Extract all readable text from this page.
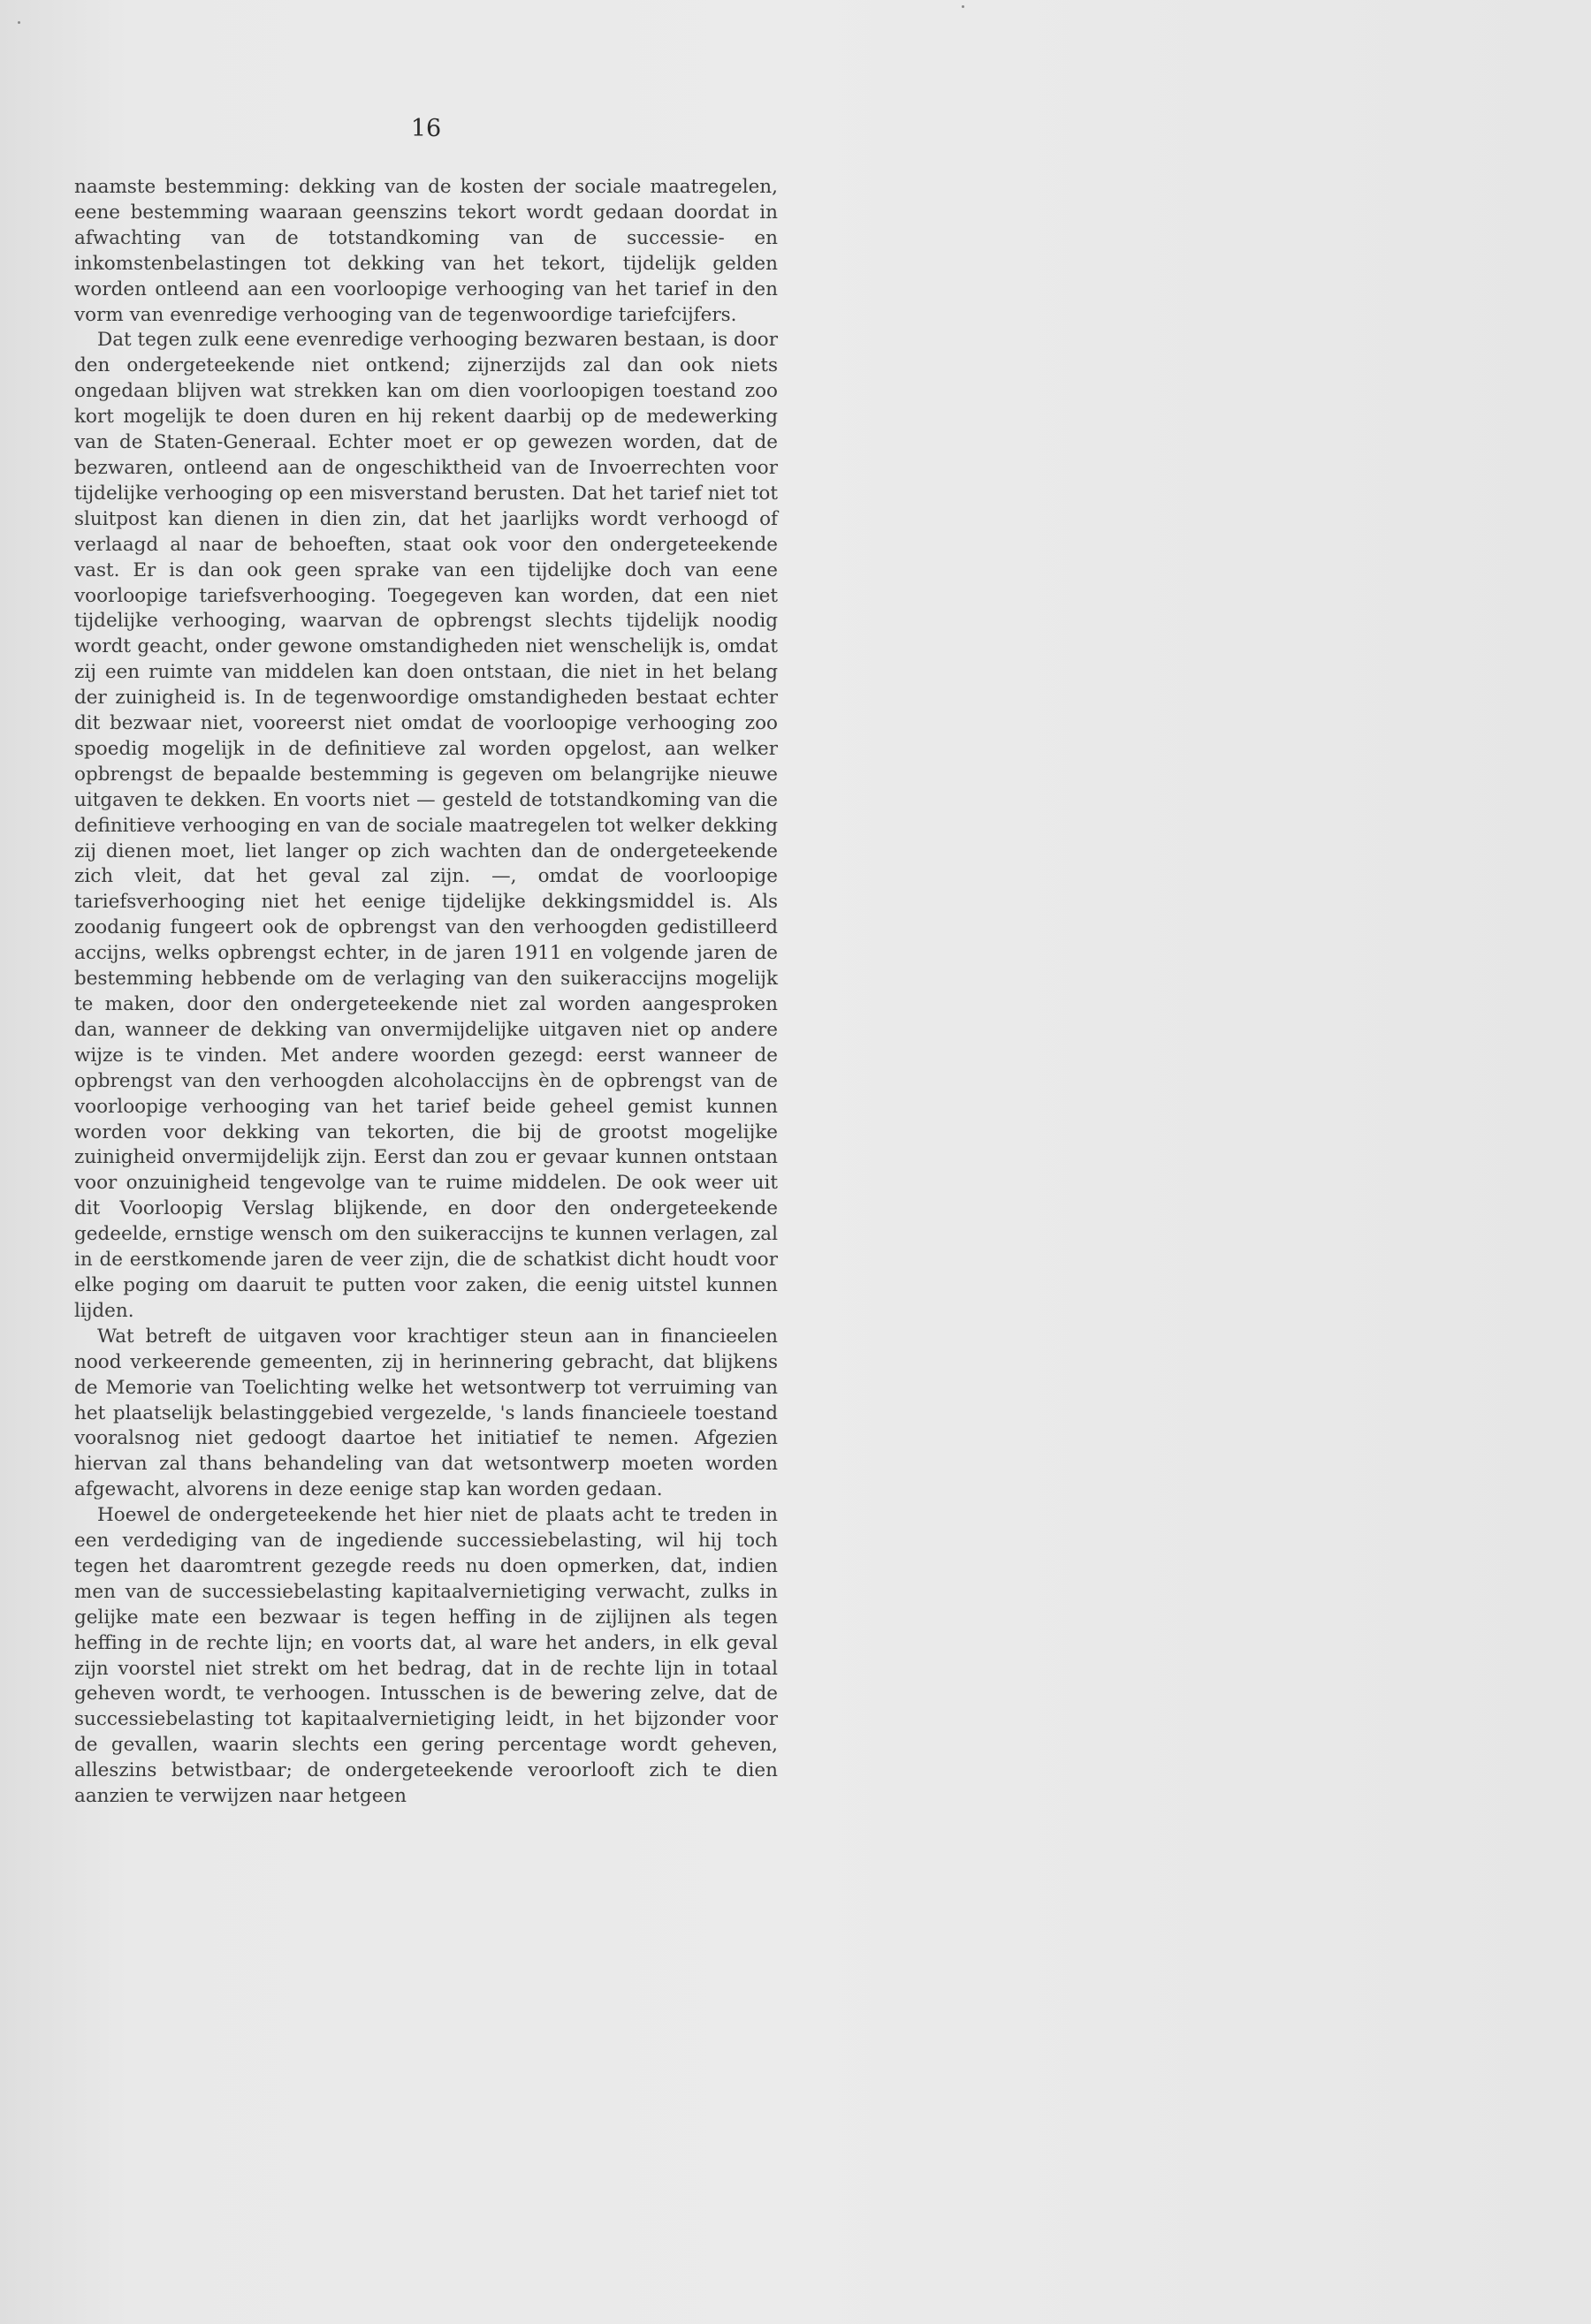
16

naamste bestemming: dekking van de kosten der sociale maatregelen, eene bestemming waaraan geenszins tekort wordt gedaan doordat in afwachting van de totstandkoming van de successie- en inkomstenbelastingen tot dekking van het tekort, tijdelijk gelden worden ontleend aan een voorloopige verhooging van het tarief in den vorm van evenredige verhooging van de tegenwoordige tariefcijfers.

Dat tegen zulk eene evenredige verhooging bezwaren bestaan, is door den ondergeteekende niet ontkend; zijnerzijds zal dan ook niets ongedaan blijven wat strekken kan om dien voorloopigen toestand zoo kort mogelijk te doen duren en hij rekent daarbij op de medewerking van de Staten-Generaal. Echter moet er op gewezen worden, dat de bezwaren, ontleend aan de ongeschiktheid van de Invoerrechten voor tijdelijke verhooging op een misverstand berusten. Dat het tarief niet tot sluitpost kan dienen in dien zin, dat het jaarlijks wordt verhoogd of verlaagd al naar de behoeften, staat ook voor den ondergeteekende vast. Er is dan ook geen sprake van een tijdelijke doch van eene voorloopige tariefsverhooging. Toegegeven kan worden, dat een niet tijdelijke verhooging, waarvan de opbrengst slechts tijdelijk noodig wordt geacht, onder gewone omstandigheden niet wenschelijk is, omdat zij een ruimte van middelen kan doen ontstaan, die niet in het belang der zuinigheid is. In de tegenwoordige omstandigheden bestaat echter dit bezwaar niet, vooreerst niet omdat de voorloopige verhooging zoo spoedig mogelijk in de definitieve zal worden opgelost, aan welker opbrengst de bepaalde bestemming is gegeven om belangrijke nieuwe uitgaven te dekken. En voorts niet — gesteld de totstandkoming van die definitieve verhooging en van de sociale maatregelen tot welker dekking zij dienen moet, liet langer op zich wachten dan de ondergeteekende zich vleit, dat het geval zal zijn. —, omdat de voorloopige tariefsverhooging niet het eenige tijdelijke dekkingsmiddel is. Als zoodanig fungeert ook de opbrengst van den verhoogden gedistilleerd accijns, welks opbrengst echter, in de jaren 1911 en volgende jaren de bestemming hebbende om de verlaging van den suikeraccijns mogelijk te maken, door den ondergeteekende niet zal worden aangesproken dan, wanneer de dekking van onvermijdelijke uitgaven niet op andere wijze is te vinden. Met andere woorden gezegd: eerst wanneer de opbrengst van den verhoogden alcoholaccijns èn de opbrengst van de voorloopige verhooging van het tarief beide geheel gemist kunnen worden voor dekking van tekorten, die bij de grootst mogelijke zuinigheid onvermijdelijk zijn. Eerst dan zou er gevaar kunnen ontstaan voor onzuinigheid tengevolge van te ruime middelen. De ook weer uit dit Voorloopig Verslag blijkende, en door den ondergeteekende gedeelde, ernstige wensch om den suikeraccijns te kunnen verlagen, zal in de eerstkomende jaren de veer zijn, die de schatkist dicht houdt voor elke poging om daaruit te putten voor zaken, die eenig uitstel kunnen lijden.

Wat betreft de uitgaven voor krachtiger steun aan in financieelen nood verkeerende gemeenten, zij in herinnering gebracht, dat blijkens de Memorie van Toelichting welke het wetsontwerp tot verruiming van het plaatselijk belastinggebied vergezelde, 's lands financieele toestand vooralsnog niet gedoogt daartoe het initiatief te nemen. Afgezien hiervan zal thans behandeling van dat wetsontwerp moeten worden afgewacht, alvorens in deze eenige stap kan worden gedaan.

Hoewel de ondergeteekende het hier niet de plaats acht te treden in een verdediging van de ingediende successiebelasting, wil hij toch tegen het daaromtrent gezegde reeds nu doen opmerken, dat, indien men van de successiebelasting kapitaalvernietiging verwacht, zulks in gelijke mate een bezwaar is tegen heffing in de zijlijnen als tegen heffing in de rechte lijn; en voorts dat, al ware het anders, in elk geval zijn voorstel niet strekt om het bedrag, dat in de rechte lijn in totaal geheven wordt, te verhoogen. Intusschen is de bewering zelve, dat de successiebelasting tot kapitaalvernietiging leidt, in het bijzonder voor de gevallen, waarin slechts een gering percentage wordt geheven, alleszins betwistbaar; de ondergeteekende veroorlooft zich te dien aanzien te verwijzen naar hetgeen
